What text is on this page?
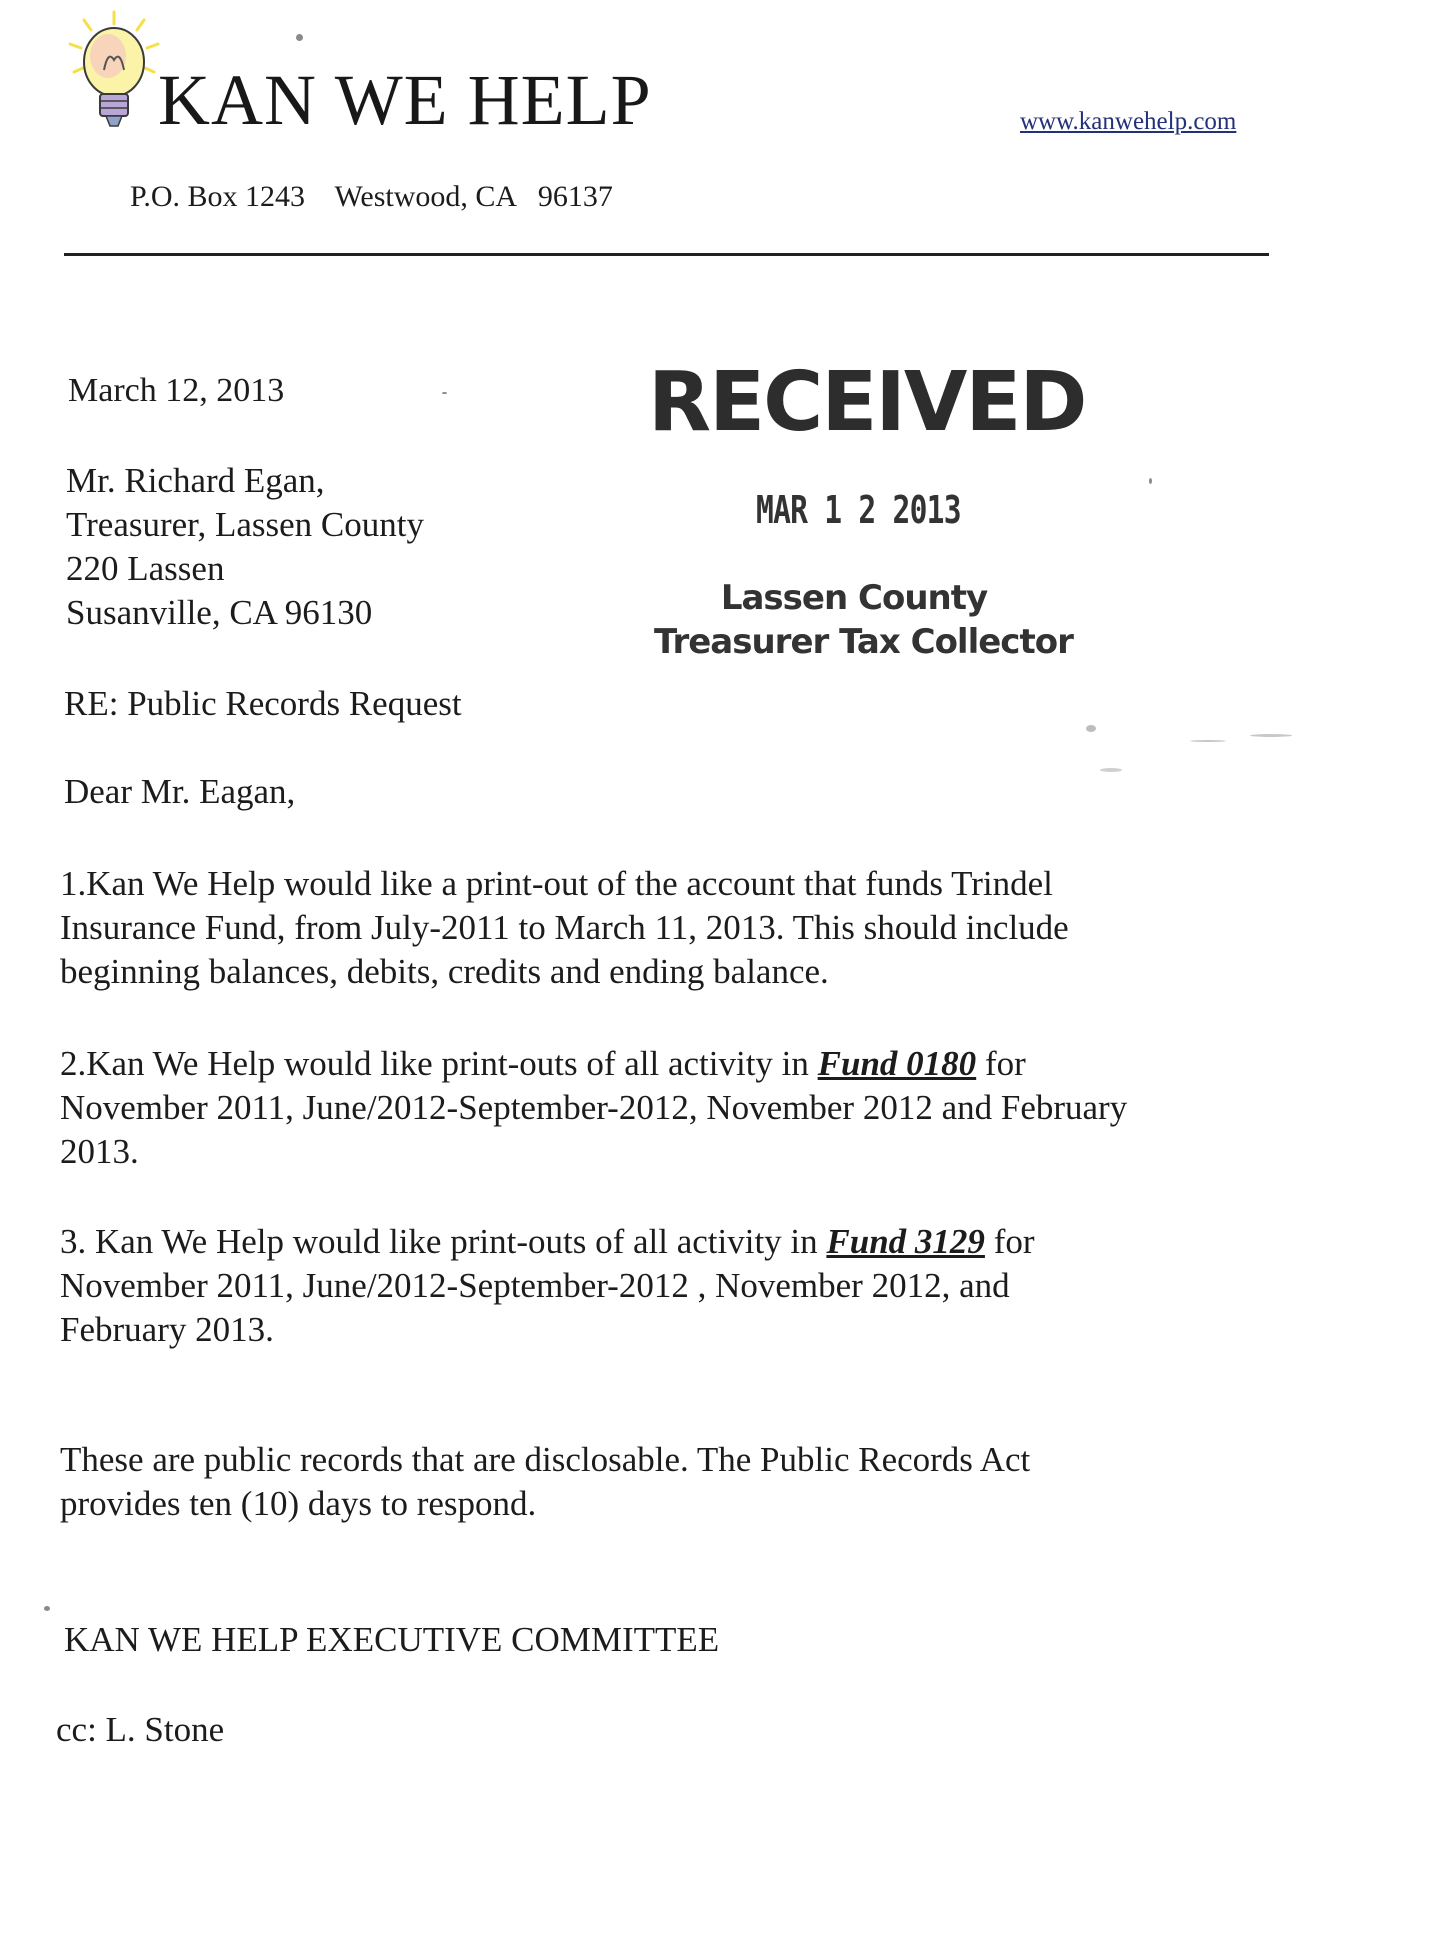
KAN WE HELP	www.kanwehelp.com
P.O. Box 1243    Westwood, CA   96137
March 12, 2013
Mr. Richard Egan,
Treasurer, Lassen County
220 Lassen
Susanville, CA 96130
RECEIVED
MAR 1 2 2013
Lassen County
Treasurer Tax Collector
RE: Public Records Request
Dear Mr. Eagan,
1.Kan We Help would like a print-out of the account that funds Trindel
Insurance Fund, from July-2011 to March 11, 2013. This should include
beginning balances, debits, credits and ending balance.
2.Kan We Help would like print-outs of all activity in Fund 0180 for
November 2011, June/2012-September-2012, November 2012 and February
2013.
3. Kan We Help would like print-outs of all activity in Fund 3129 for
November 2011, June/2012-September-2012 , November 2012, and
February 2013.
These are public records that are disclosable. The Public Records Act
provides ten (10) days to respond.
KAN WE HELP EXECUTIVE COMMITTEE
cc: L. Stone
